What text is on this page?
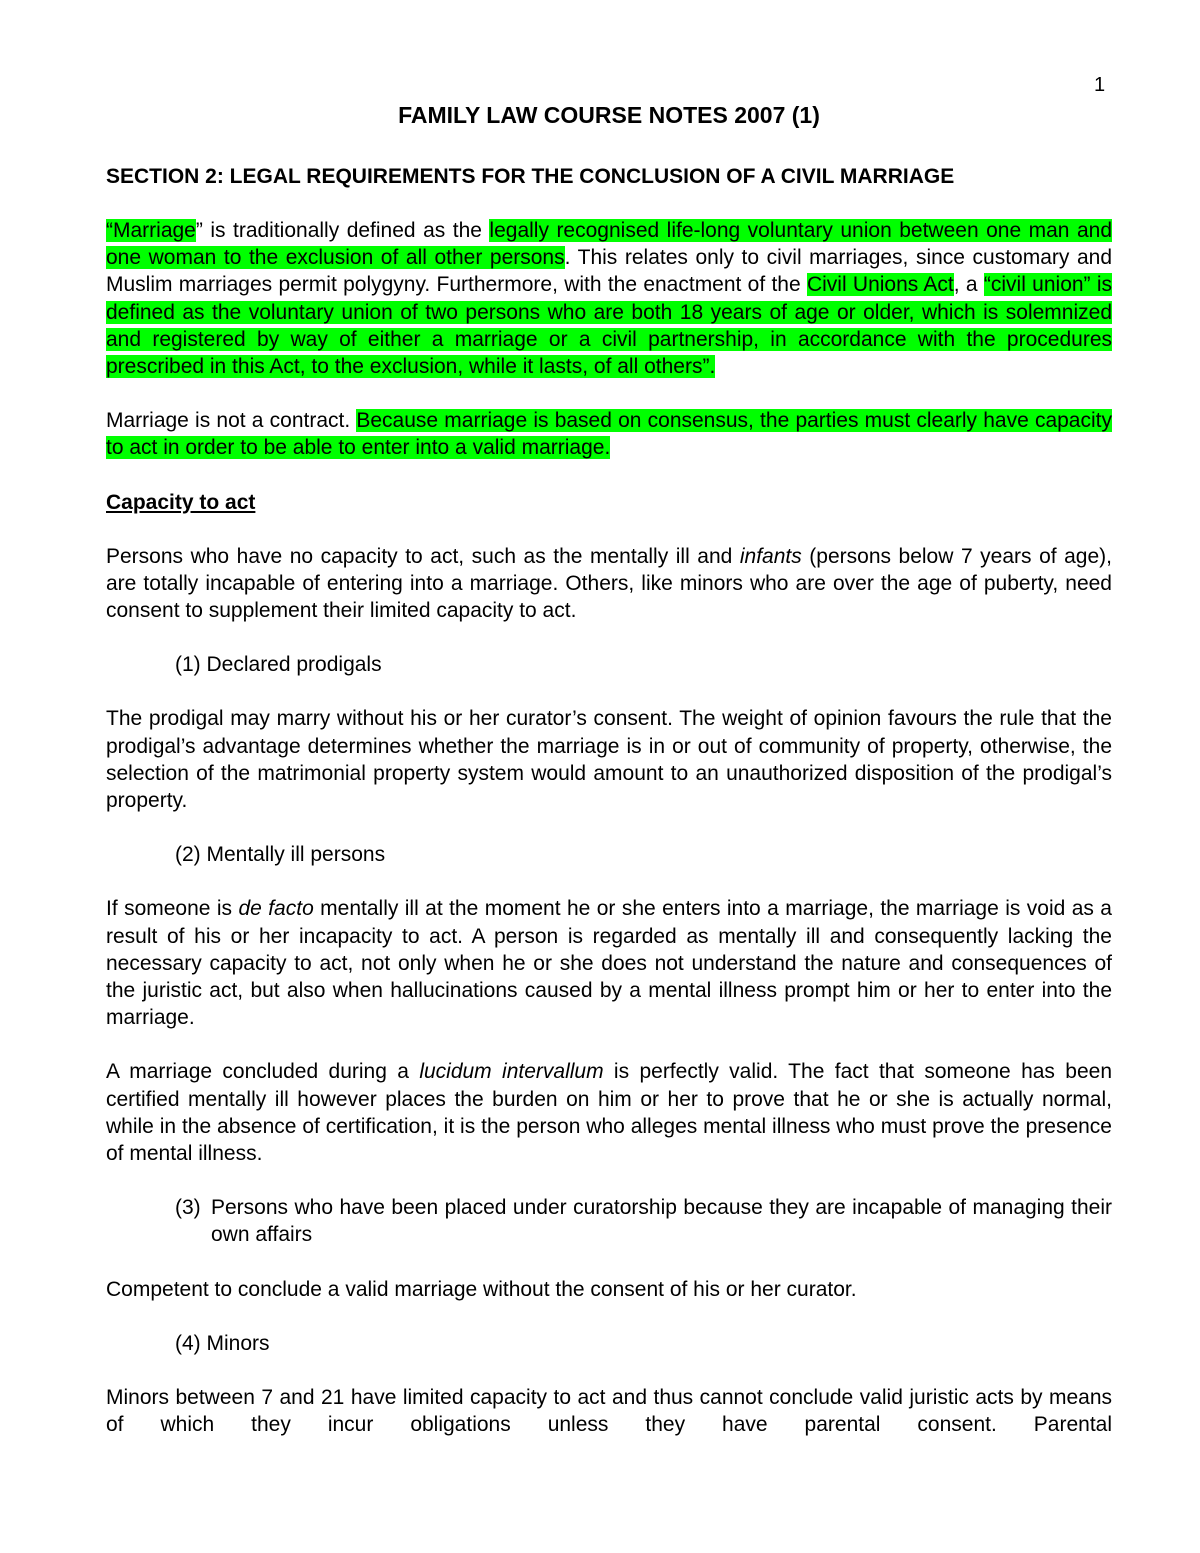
1
FAMILY LAW COURSE NOTES 2007 (1)
SECTION 2: LEGAL REQUIREMENTS FOR THE CONCLUSION OF A CIVIL MARRIAGE

“Marriage” is traditionally defined as the legally recognised life-long voluntary union between one man and one woman to the exclusion of all other persons. This relates only to civil marriages, since customary and Muslim marriages permit polygyny. Furthermore, with the enactment of the Civil Unions Act, a “civil union” is defined as the voluntary union of two persons who are both 18 years of age or older, which is solemnized and registered by way of either a marriage or a civil partnership, in accordance with the procedures prescribed in this Act, to the exclusion, while it lasts, of all others”.

Marriage is not a contract. Because marriage is based on consensus, the parties must clearly have capacity to act in order to be able to enter into a valid marriage.

Capacity to act

Persons who have no capacity to act, such as the mentally ill and infants (persons below 7 years of age), are totally incapable of entering into a marriage. Others, like minors who are over the age of puberty, need consent to supplement their limited capacity to act.

(1) Declared prodigals

The prodigal may marry without his or her curator’s consent. The weight of opinion favours the rule that the prodigal’s advantage determines whether the marriage is in or out of community of property, otherwise, the selection of the matrimonial property system would amount to an unauthorized disposition of the prodigal’s property.

(2) Mentally ill persons

If someone is de facto mentally ill at the moment he or she enters into a marriage, the marriage is void as a result of his or her incapacity to act. A person is regarded as mentally ill and consequently lacking the necessary capacity to act, not only when he or she does not understand the nature and consequences of the juristic act, but also when hallucinations caused by a mental illness prompt him or her to enter into the marriage.

A marriage concluded during a lucidum intervallum is perfectly valid. The fact that someone has been certified mentally ill however places the burden on him or her to prove that he or she is actually normal, while in the absence of certification, it is the person who alleges mental illness who must prove the presence of mental illness.

(3) Persons who have been placed under curatorship because they are incapable of managing their own affairs

Competent to conclude a valid marriage without the consent of his or her curator.

(4) Minors

Minors between 7 and 21 have limited capacity to act and thus cannot conclude valid juristic acts by means of which they incur obligations unless they have parental consent. Parental
